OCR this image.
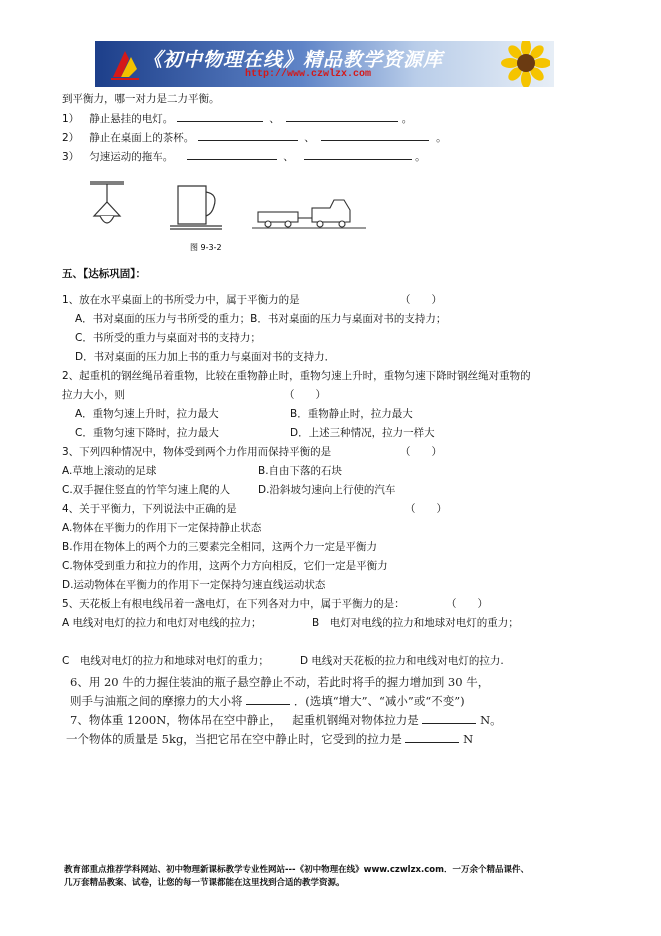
《初中物理在线》精品教学资源库
http://www.czwlzx.com
到平衡力，哪一对力是二力平衡。
1） 静止悬挂的电灯。	、	。
2） 静止在桌面上的茶杯。	、	。
3） 匀速运动的拖车。	、	。
图 9-3-2
五、【达标巩固】：
1、放在水平桌面上的书所受力中，属于平衡力的是	（　　）
A．书对桌面的压力与书所受的重力；B．书对桌面的压力与桌面对书的支持力；
C．书所受的重力与桌面对书的支持力；
D．书对桌面的压力加上书的重力与桌面对书的支持力．
2、起重机的钢丝绳吊着重物，比较在重物静止时，重物匀速上升时，重物匀速下降时钢丝绳对重物的
拉力大小，则	（　　）
A．重物匀速上升时，拉力最大	B．重物静止时，拉力最大
C．重物匀速下降时，拉力最大	D．上述三种情况，拉力一样大
3、下列四种情况中，物体受到两个力作用而保持平衡的是	（　　）
A.草地上滚动的足球	B.自由下落的石块
C.双手握住竖直的竹竿匀速上爬的人	D.沿斜坡匀速向上行使的汽车
4、关于平衡力，下列说法中正确的是	（　　）
A.物体在平衡力的作用下一定保持静止状态
B.作用在物体上的两个力的三要素完全相同，这两个力一定是平衡力
C.物体受到重力和拉力的作用，这两个力方向相反，它们一定是平衡力
D.运动物体在平衡力的作用下一定保持匀速直线运动状态
5、天花板上有根电线吊着一盏电灯，在下列各对力中，属于平衡力的是：	（　　）
A 电线对电灯的拉力和电灯对电线的拉力；	B　电灯对电线的拉力和地球对电灯的重力；
C　电线对电灯的拉力和地球对电灯的重力；	D 电线对天花板的拉力和电线对电灯的拉力.
6、用 20 牛的力握住装油的瓶子悬空静止不动，若此时将手的握力增加到 30 牛，
则手与油瓶之间的摩擦力的大小将	．(选填“增大”、“减小”或“不变”)
7、物体重 1200N，物体吊在空中静止， 起重机钢绳对物体拉力是	N。
一个物体的质量是 5kg，当把它吊在空中静止时，它受到的拉力是	N
教育部重点推荐学科网站、初中物理新课标教学专业性网站---《初中物理在线》www.czwlzx.com．一万余个精品课件、
几万套精品教案、试卷，让您的每一节课都能在这里找到合适的教学资源。
